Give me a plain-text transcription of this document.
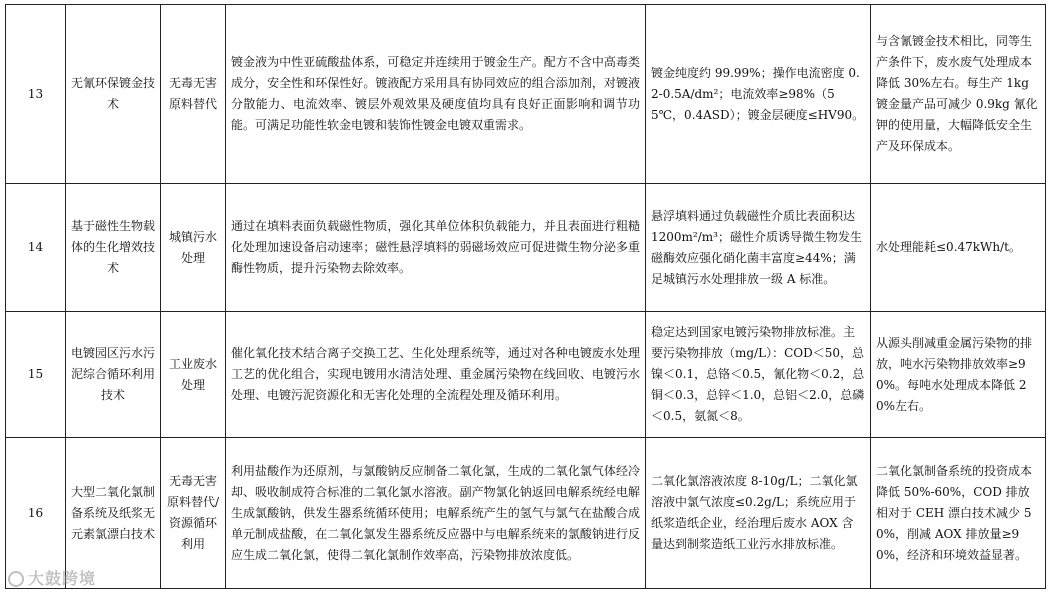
13	无氰环保镀金技术	无毒无害原料替代	镀金液为中性亚硫酸盐体系，可稳定并连续用于镀金生产。配方不含中高毒类成分，安全性和环保性好。镀液配方采用具有协同效应的组合添加剂，对镀液分散能力、电流效率、镀层外观效果及硬度值均具有良好正面影响和调节功能。可满足功能性软金电镀和装饰性镀金电镀双重需求。	镀金纯度约 99.99%；操作电流密度 0.2-0.5A/dm²；电流效率≥98%（55℃，0.4ASD）；镀金层硬度≤HV90。	与含氰镀金技术相比，同等生产条件下，废水废气处理成本降低 30%左右。每生产 1kg 镀金量产品可减少 0.9kg 氰化钾的使用量，大幅降低安全生产及环保成本。
14	基于磁性生物载体的生化增效技术	城镇污水处理	通过在填料表面负载磁性物质，强化其单位体积负载能力，并且表面进行粗糙化处理加速设备启动速率；磁性悬浮填料的弱磁场效应可促进微生物分泌多重酶性物质，提升污染物去除效率。	悬浮填料通过负载磁性介质比表面积达 1200m²/m³；磁性介质诱导微生物发生磁酶效应强化硝化菌丰富度≥44%；满足城镇污水处理排放一级 A 标准。	水处理能耗≤0.47kWh/t。
15	电镀园区污水污泥综合循环利用技术	工业废水处理	催化氧化技术结合离子交换工艺、生化处理系统等，通过对各种电镀废水处理工艺的优化组合，实现电镀用水清洁处理、重金属污染物在线回收、电镀污水处理、电镀污泥资源化和无害化处理的全流程处理及循环利用。	稳定达到国家电镀污染物排放标准。主要污染物排放（mg/L）：COD＜50，总镍＜0.1，总铬＜0.5，氰化物＜0.2，总铜＜0.3，总锌＜1.0，总铝＜2.0，总磷＜0.5，氨氮＜8。	从源头削减重金属污染物的排放，吨水污染物排放效率≥90%。每吨水处理成本降低 20%左右。
16	大型二氧化氯制备系统及纸浆无元素氯漂白技术	无毒无害原料替代/资源循环利用	利用盐酸作为还原剂，与氯酸钠反应制备二氧化氯，生成的二氧化氯气体经冷却、吸收制成符合标准的二氧化氯水溶液。副产物氯化钠返回电解系统经电解生成氯酸钠，供发生器系统循环使用；电解系统产生的氢气与氯气在盐酸合成单元制成盐酸，在二氧化氯发生器系统反应器中与电解系统来的氯酸钠进行反应生成二氧化氯，使得二氧化氯制作效率高，污染物排放浓度低。	二氧化氯溶液浓度 8-10g/L；二氧化氯溶液中氯气浓度≤0.2g/L；系统应用于纸浆造纸企业，经治理后废水 AOX 含量达到制浆造纸工业污水排放标准。	二氧化氯制备系统的投资成本降低 50%-60%，COD 排放相对于 CEH 漂白技术减少 50%，削减 AOX 排放量≥90%，经济和环境效益显著。
大鼓跨境
